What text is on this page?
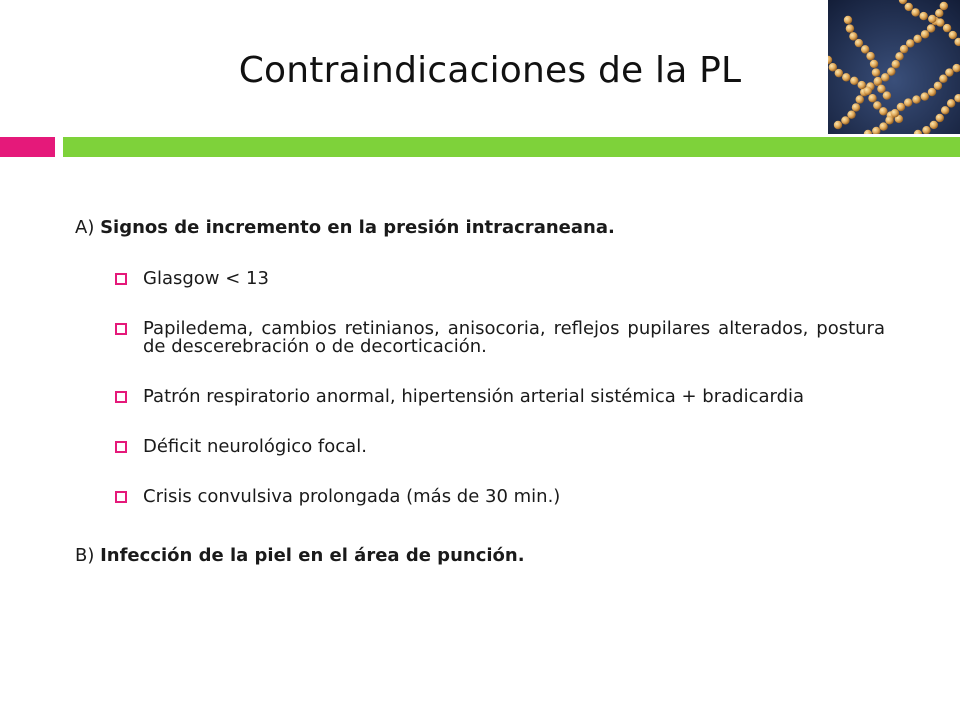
Contraindicaciones de la PL

A) Signos de incremento en la presión intracraneana.

Glasgow < 13
Papiledema, cambios retinianos, anisocoria, reflejos pupilares alterados, postura de descerebración o de decorticación.
Patrón respiratorio anormal, hipertensión arterial sistémica + bradicardia
Déficit neurológico focal.
Crisis convulsiva prolongada (más de 30 min.)

B) Infección de la piel en el área de punción.
